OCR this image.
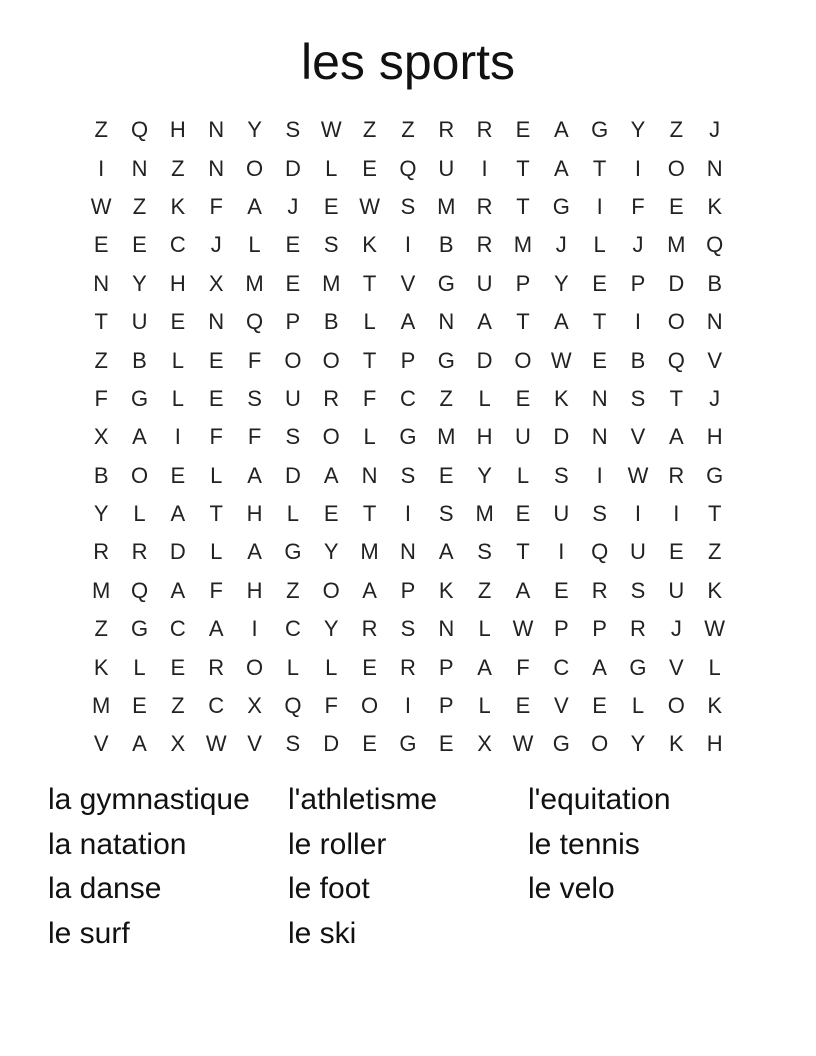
les sports
Z	Q H	N	Y	S W Z	Z	R	R	E	A	G	Y	Z	J
I	N	Z	N O D	L	E	Q U	I	T	A	T	I	O N
W Z	K	F	A	J	E W S M R	T	G	I	F	E	K
E	E	C	J	L	E	S	K	I	B	R M	J	L	J	M Q
N	Y	H	X M E M	T	V	G U	P	Y	E	P	D	B
T	U	E	N Q	P	B	L	A	N	A	T	A	T	I	O N
Z	B	L	E	F	O O	T	P	G D O W E	B	Q	V
F	G	L	E	S	U	R	F	C	Z	L	E	K	N	S	T	J
X	A	I	F	F	S	O	L	G M H	U	D	N	V	A	H
B	O	E	L	A	D	A	N	S	E	Y	L	S	I	W R G
Y	L	A	T	H	L	E	T	I	S M E	U	S	I	I	T
R	R	D	L	A	G	Y M N	A	S	T	I	Q U	E	Z
M Q	A	F	H	Z	O	A	P	K	Z	A	E	R	S	U	K
Z	G C	A	I	C	Y	R	S	N	L W P	P	R	J	W
K	L	E	R O	L	L	E	R	P	A	F	C	A	G	V	L
M E	Z	C	X	Q	F	O	I	P	L	E	V	E	L	O	K
V	A	X W V	S	D	E	G	E	X W G O	Y	K	H
la gymnastique	l'athletisme	l'equitation
la natation	le roller	le tennis
la danse	le foot	le velo
le surf	le ski
